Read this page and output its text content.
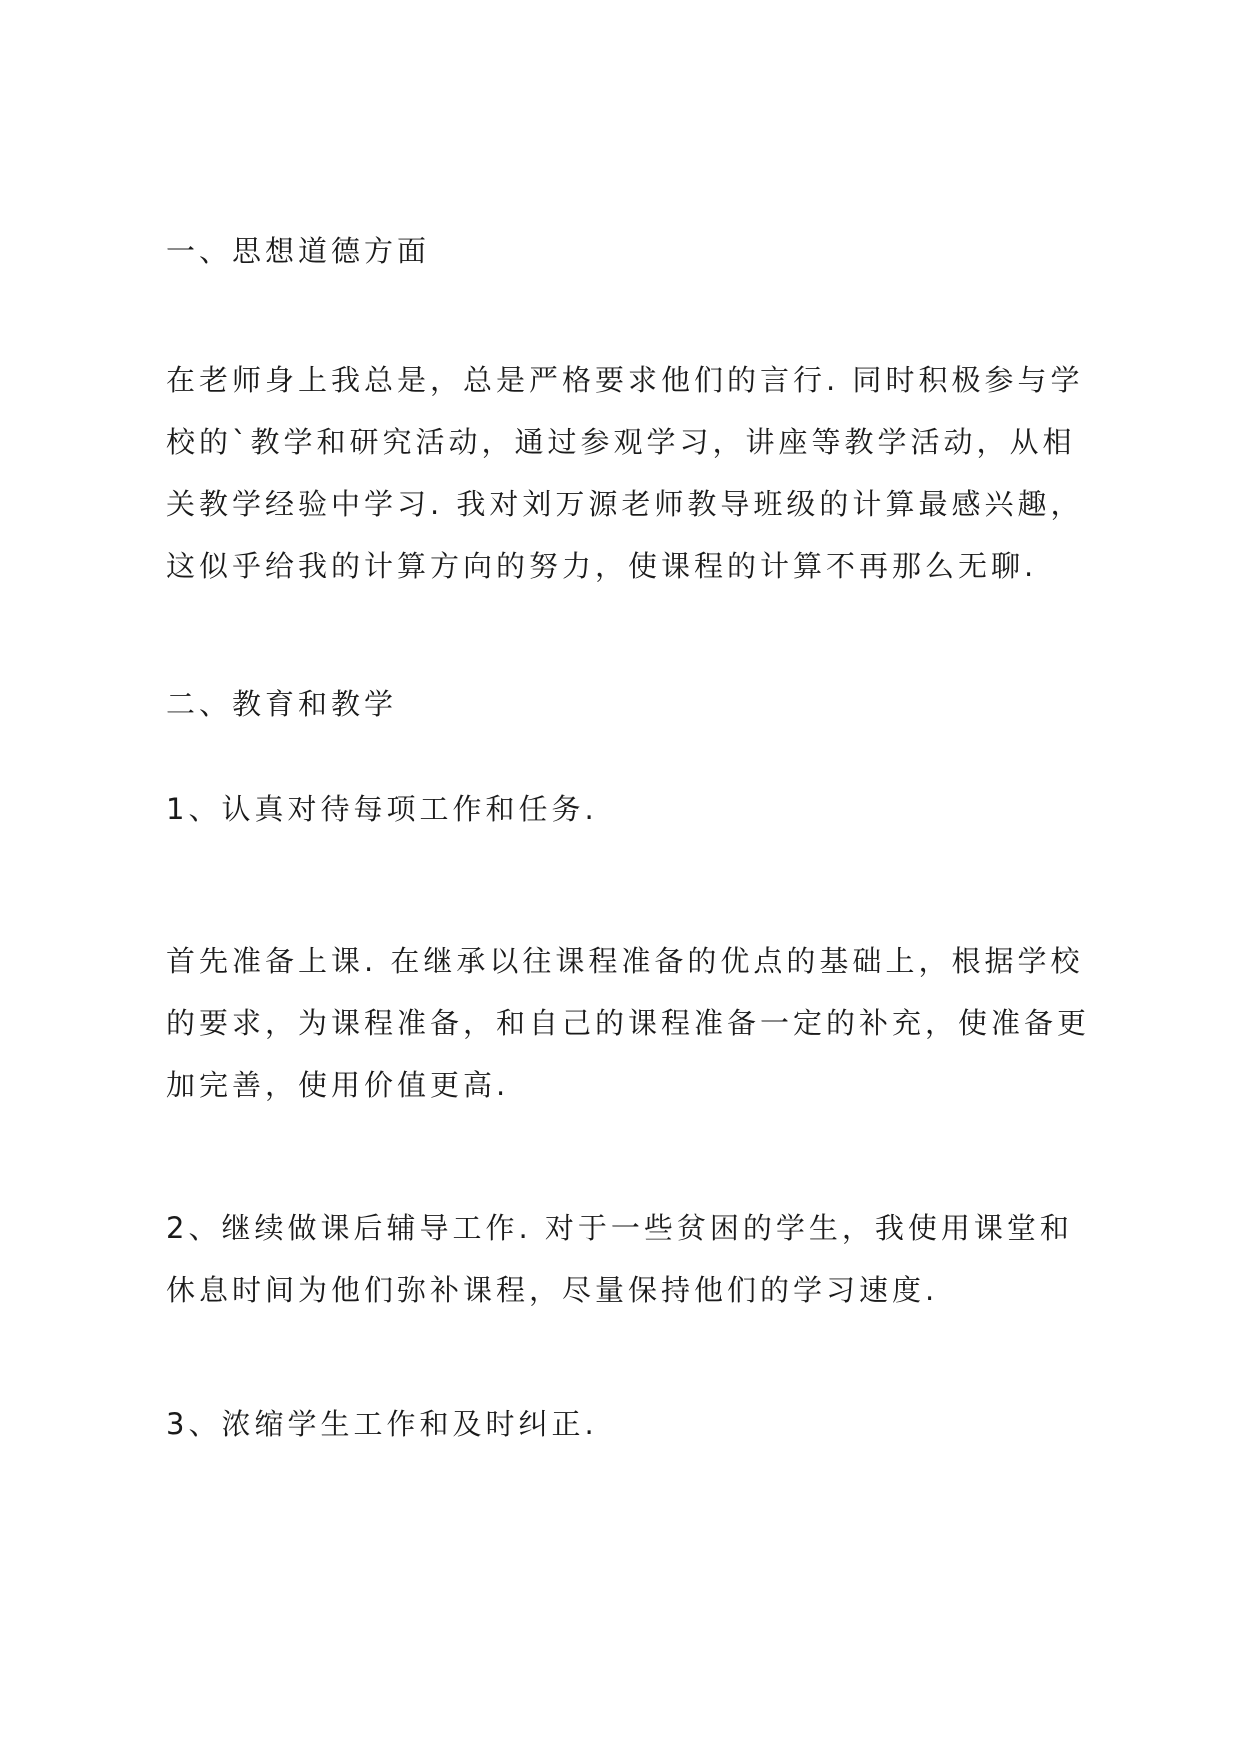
一、思想道德方面

在老师身上我总是，总是严格要求他们的言行. 同时积极参与学
校的`教学和研究活动，通过参观学习，讲座等教学活动，从相
关教学经验中学习. 我对刘万源老师教导班级的计算最感兴趣，
这似乎给我的计算方向的努力，使课程的计算不再那么无聊.

二、教育和教学

1、认真对待每项工作和任务.

首先准备上课. 在继承以往课程准备的优点的基础上，根据学校
的要求，为课程准备，和自己的课程准备一定的补充，使准备更
加完善，使用价值更高.

2、继续做课后辅导工作. 对于一些贫困的学生，我使用课堂和
休息时间为他们弥补课程，尽量保持他们的学习速度.

3、浓缩学生工作和及时纠正.
